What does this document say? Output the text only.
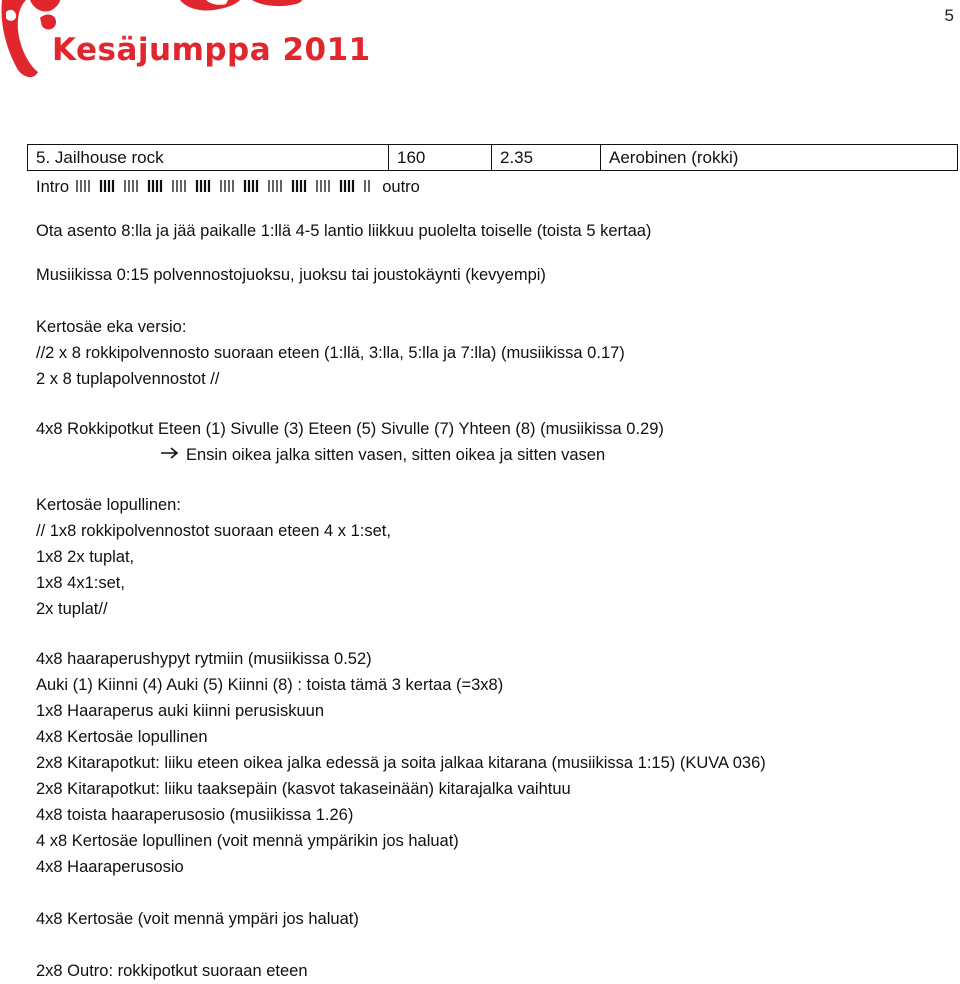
5
Kesäjumppa 2011
5. Jailhouse rock	160	2.35	Aerobinen (rokki)
Intro	outro
Ota asento 8:lla ja jää paikalle 1:llä 4-5 lantio liikkuu puolelta toiselle (toista 5 kertaa)
Musiikissa 0:15 polvennostojuoksu, juoksu tai joustokäynti (kevyempi)
Kertosäe eka versio:
//2 x 8 rokkipolvennosto suoraan eteen (1:llä, 3:lla, 5:lla ja 7:lla) (musiikissa 0.17)
2 x 8 tuplapolvennostot //
4x8 Rokkipotkut Eteen (1) Sivulle (3) Eteen (5) Sivulle (7) Yhteen (8) (musiikissa 0.29)
Ensin oikea jalka sitten vasen, sitten oikea ja sitten vasen
Kertosäe lopullinen:
// 1x8 rokkipolvennostot suoraan eteen 4 x 1:set,
1x8 2x tuplat,
1x8 4x1:set,
2x tuplat//
4x8 haaraperushypyt rytmiin (musiikissa 0.52)
Auki (1) Kiinni (4) Auki (5) Kiinni (8) : toista tämä 3 kertaa (=3x8)
1x8 Haaraperus auki kiinni perusiskuun
4x8 Kertosäe lopullinen
2x8 Kitarapotkut: liiku eteen oikea jalka edessä ja soita jalkaa kitarana (musiikissa 1:15) (KUVA 036)
2x8 Kitarapotkut: liiku taaksepäin (kasvot takaseinään) kitarajalka vaihtuu
4x8 toista haaraperusosio (musiikissa 1.26)
4 x8 Kertosäe lopullinen (voit mennä ympärikin jos haluat)
4x8 Haaraperusosio
4x8 Kertosäe (voit mennä ympäri jos haluat)
2x8 Outro: rokkipotkut suoraan eteen
